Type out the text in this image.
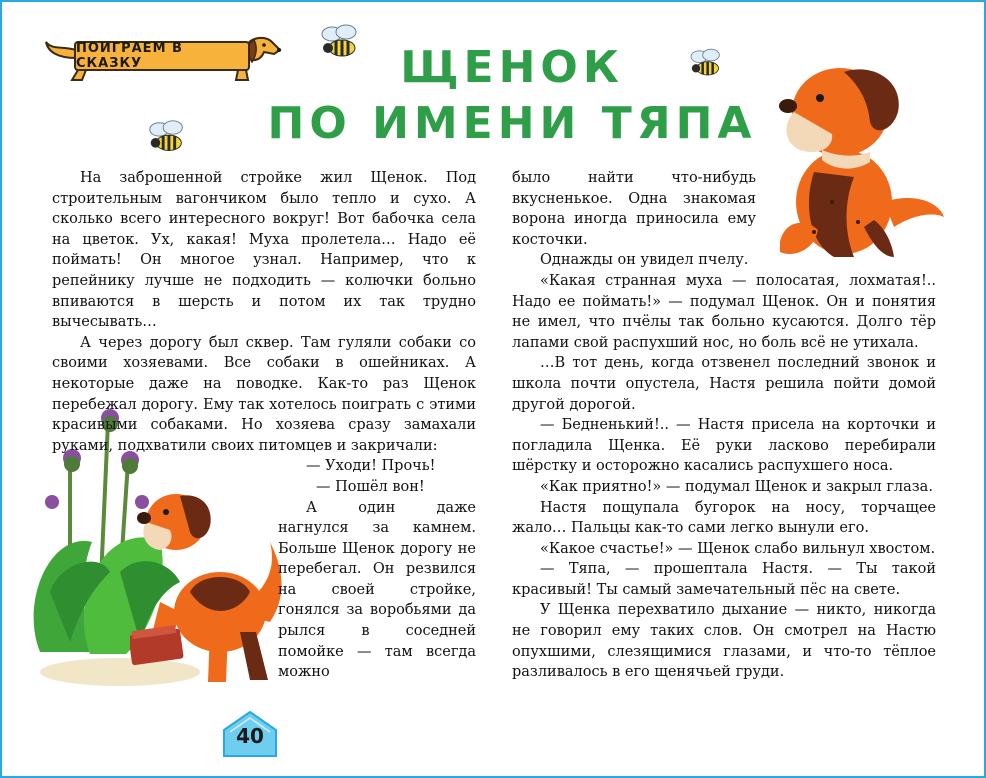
ПОИГРАЕМ В СКАЗКУ	ЩЕНОК
ПО ИМЕНИ ТЯПА

На заброшенной стройке жил Щенок. Под строительным вагончиком было тепло и сухо. А сколько всего интересного вокруг! Вот бабочка села на цветок. Ух, какая! Муха пролетела… Надо её поймать! Он многое узнал. Например, что к репейнику лучше не подходить — колючки больно впиваются в шерсть и потом их так трудно вычесывать…

А через дорогу был сквер. Там гуляли собаки со своими хозяевами. Все собаки в ошейниках. А некоторые даже на поводке. Как-то раз Щенок перебежал дорогу. Ему так хотелось поиграть с этими красивыми собаками. Но хозяева сразу замахали руками, подхватили своих питомцев и закричали:

— Уходи! Прочь!

— Пошёл вон!

А один даже нагнулся за камнем. Больше Щенок дорогу не перебегал. Он резвился на своей стройке, гонялся за воробьями да рылся в соседней помойке — там всегда можно

было найти что-нибудь вкусненькое. Одна знакомая ворона иногда приносила ему косточки.

Однажды он увидел пчелу.

«Какая странная муха — полосатая, лохматая!.. Надо ее поймать!» — подумал Щенок. Он и понятия не имел, что пчёлы так больно кусаются. Долго тёр лапами свой распухший нос, но боль всё не утихала.

…В тот день, когда отзвенел последний звонок и школа почти опустела, Настя решила пойти домой другой дорогой.

— Бедненький!.. — Настя присела на корточки и погладила Щенка. Её руки ласково перебирали шёрстку и осторожно касались распухшего носа.

«Как приятно!» — подумал Щенок и закрыл глаза.

Настя пощупала бугорок на носу, торчащее жало… Пальцы как-то сами легко вынули его.

«Какое счастье!» — Щенок слабо вильнул хвостом.

— Тяпа, — прошептала Настя. — Ты такой красивый! Ты самый замечательный пёс на свете.

У Щенка перехватило дыхание — никто, никогда не говорил ему таких слов. Он смотрел на Настю опухшими, слезящимися глазами, и что-то тёплое разливалось в его щенячьей груди.

40
